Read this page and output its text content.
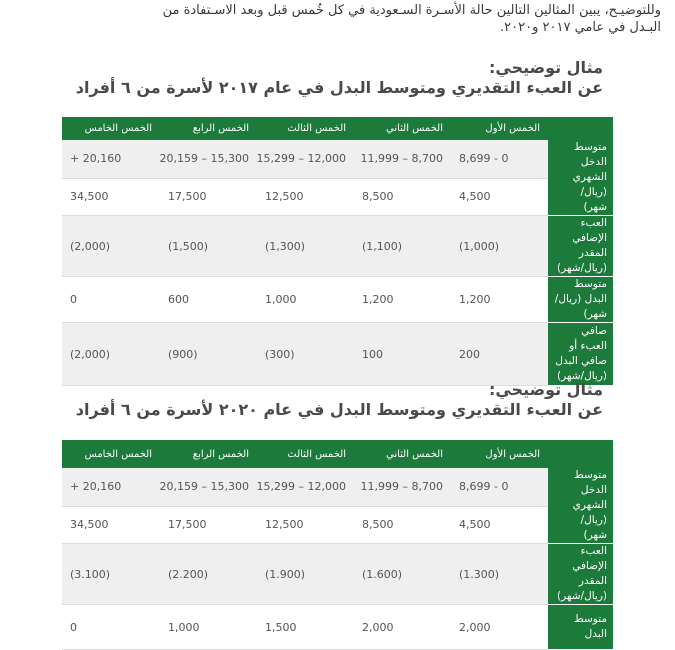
وللتوضيـح، يبين المثالين التالين حالة الأسـرة السـعودية في كل خُمس قبل وبعد الاسـتفادة من
البـدل في عامي ٢٠١٧ و٢٠٢٠.
مثال توضيحي:
عن العبء التقديري ومتوسط البدل في عام ٢٠١٧ لأسرة من ٦ أفراد
	الخمس الأول	الخمس الثاني	الخمس الثالث	الخمس الرابع	الخمس الخامس
متوسط الدخل الشهري (ريال/ شهر)	0 - 8,699	8,700 – 11,999	12,000 – 15,299	15,300 – 20,159	20,160 +
	4,500	8,500	12,500	17,500	34,500
العبء الإضافي المقدر (ريال/شهر)	(1,000)	(1,100)	(1,300)	(1,500)	(2,000)
متوسط البدل (ريال/شهر)	1,200	1,200	1,000	600	0
صافي العبء أو صافي البدل (ريال/شهر)	200	100	(300)	(900)	(2,000)
مثال توضيحي:
عن العبء التقديري ومتوسط البدل في عام ٢٠٢٠ لأسرة من ٦ أفراد
	الخمس الأول	الخمس الثاني	الخمس الثالث	الخمس الرابع	الخمس الخامس
متوسط الدخل الشهري (ريال/ شهر)	0 - 8,699	8,700 – 11,999	12,000 – 15,299	15,300 – 20,159	20,160 +
	4,500	8,500	12,500	17,500	34,500
العبء الإضافي المقدر (ريال/شهر)	(1.300)	(1.600)	(1.900)	(2.200)	(3.100)
متوسط البدل	2,000	2,000	1,500	1,000	0
